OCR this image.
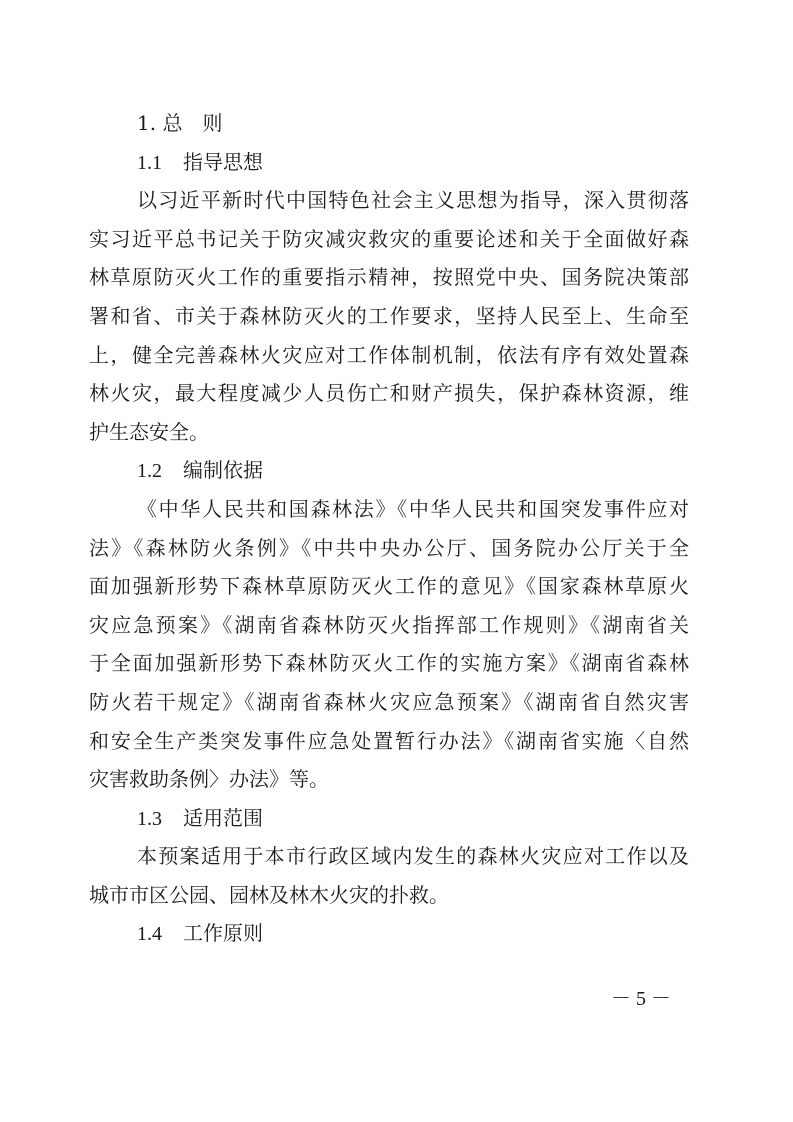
1. 总　则
1.1 指导思想
以习近平新时代中国特色社会主义思想为指导，深入贯彻落
实习近平总书记关于防灾减灾救灾的重要论述和关于全面做好森
林草原防灭火工作的重要指示精神，按照党中央、国务院决策部
署和省、市关于森林防灭火的工作要求，坚持人民至上、生命至
上，健全完善森林火灾应对工作体制机制，依法有序有效处置森
林火灾，最大程度减少人员伤亡和财产损失，保护森林资源，维
护生态安全。
1.2 编制依据
《中华人民共和国森林法》《中华人民共和国突发事件应对
法》《森林防火条例》《中共中央办公厅、国务院办公厅关于全
面加强新形势下森林草原防灭火工作的意见》《国家森林草原火
灾应急预案》《湖南省森林防灭火指挥部工作规则》《湖南省关
于全面加强新形势下森林防灭火工作的实施方案》《湖南省森林
防火若干规定》《湖南省森林火灾应急预案》《湖南省自然灾害
和安全生产类突发事件应急处置暂行办法》《湖南省实施〈自然
灾害救助条例〉办法》等。
1.3 适用范围
本预案适用于本市行政区域内发生的森林火灾应对工作以及
城市市区公园、园林及林木火灾的扑救。
1.4 工作原则
－ 5 －
